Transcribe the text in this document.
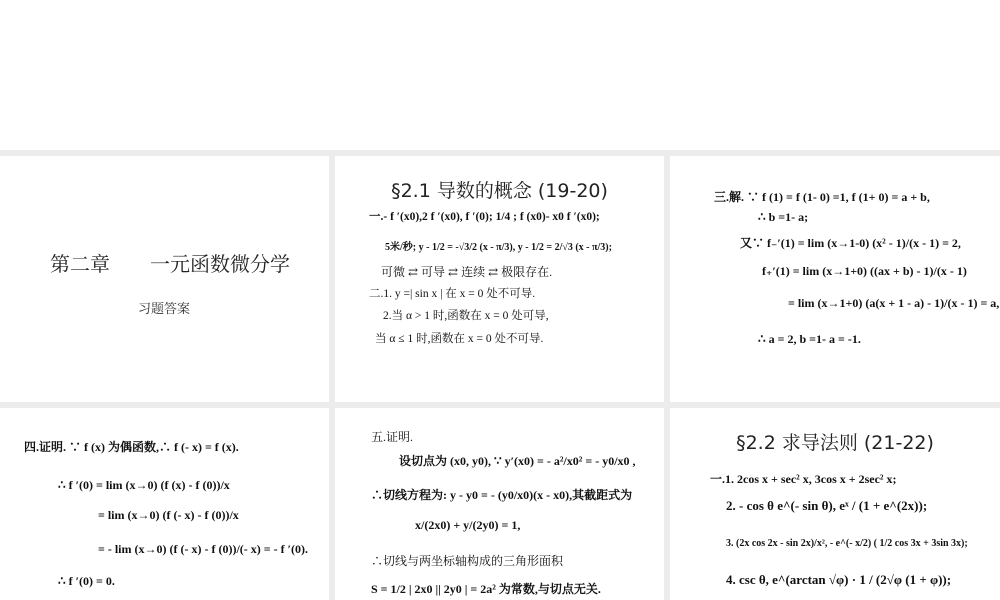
第二章　　一元函数微分学
习题答案
§2.1 导数的概念 (19-20)
一.- f ′(x0),2 f ′(x0), f ′(0); 1/4 ; f (x0)- x0 f ′(x0);
5米/秒; y - 1/2 = -√3/2 (x - π/3), y - 1/2 = 2/√3 (x - π/3);
可微 ⇄ 可导 ⇄ 连续 ⇄ 极限存在.
二.1. y =| sin x | 在 x = 0 处不可导.
2.当 α > 1 时,函数在 x = 0 处可导,
当 α ≤ 1 时,函数在 x = 0 处不可导.
三.解. ∵ f (1) = f (1- 0) =1, f (1+ 0) = a + b,
∴ b =1- a;
又∵ f₋′(1) = lim (x→1-0) (x² - 1)/(x - 1) = 2,
f₊′(1) = lim (x→1+0) ((ax + b) - 1)/(x - 1)
= lim (x→1+0) (a(x + 1 - a) - 1)/(x - 1) = a,
∴ a = 2, b =1- a = -1.
四.证明. ∵ f (x) 为偶函数,∴ f (- x) = f (x).
∴ f ′(0) = lim (x→0) (f (x) - f (0))/x
= lim (x→0) (f (- x) - f (0))/x
= - lim (x→0) (f (- x) - f (0))/(- x) = - f ′(0).
∴ f ′(0) = 0.
五.证明.
设切点为 (x0, y0), ∵ y′(x0) = - a²/x0² = - y0/x0 ,
∴切线方程为: y - y0 = - (y0/x0)(x - x0),其截距式为
x/(2x0) + y/(2y0) = 1,
∴切线与两坐标轴构成的三角形面积
S = 1/2 | 2x0 || 2y0 | = 2a² 为常数,与切点无关.
§2.2 求导法则 (21-22)
一.1. 2cos x + sec² x, 3cos x + 2sec² x;
2. - cos θ e^(- sin θ), eˣ / (1 + e^(2x));
3. (2x cos 2x - sin 2x)/x², - e^(- x/2) ( 1/2 cos 3x + 3sin 3x);
4. csc θ, e^(arctan √φ) · 1 / (2√φ (1 + φ));
